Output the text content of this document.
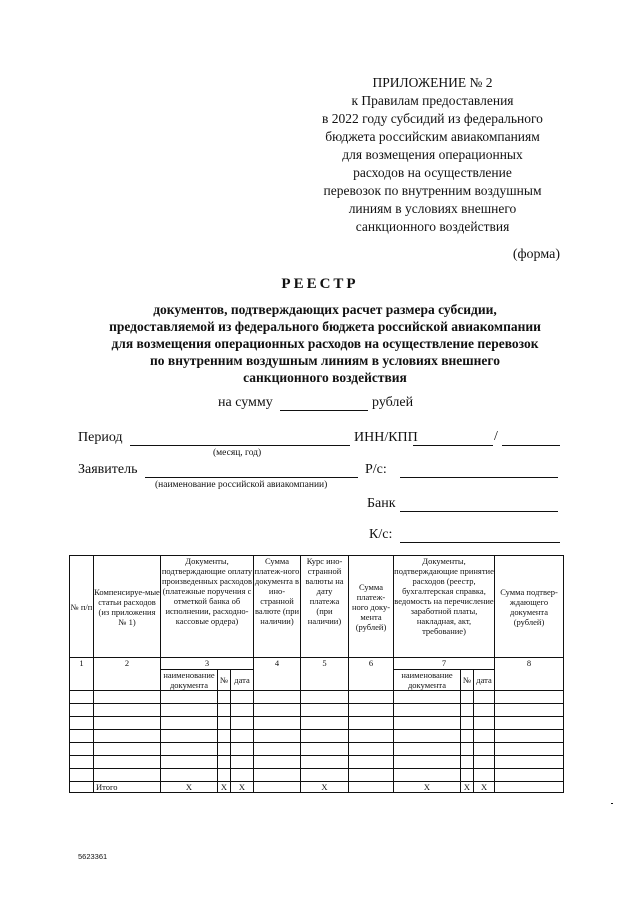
ПРИЛОЖЕНИЕ № 2
к Правилам предоставления
в 2022 году субсидий из федерального
бюджета российским авиакомпаниям
для возмещения операционных
расходов на осуществление
перевозок по внутренним воздушным
линиям в условиях внешнего
санкционного воздействия
(форма)
РЕЕСТР
документов, подтверждающих расчет размера субсидии,
предоставляемой из федерального бюджета российской авиакомпании
для возмещения операционных расходов на осуществление перевозок
по внутренним воздушным линиям в условиях внешнего
санкционного воздействия
на сумму	рублей
Период
(месяц, год)
ИНН/КПП	/
Заявитель
(наименование российской авиакомпании)
Р/с:
Банк
К/с:
№ п/п	Компенсируе-мые статьи расходов (из приложения № 1)	Документы, подтверждающие оплату произведенных расходов (платежные поручения с отметкой банка об исполнении, расходно-кассовые ордера)			Сумма платеж-ного документа в ино-странной валюте (при наличии)	Курс ино-странной валюты на дату платежа (при наличии)	Сумма платеж-ного доку-мента (рублей)	Документы, подтверждающие принятие расходов (реестр, бухгалтерская справка, ведомость на перечисление заработной платы, накладная, акт, требование)			Сумма подтвер-ждающего документа (рублей)
1	2	3			4	5	6	7			8
		наименование документа	№	дата				наименование документа	№	дата	

	Итого	X	X	X		X		X	X	X	
5623361
